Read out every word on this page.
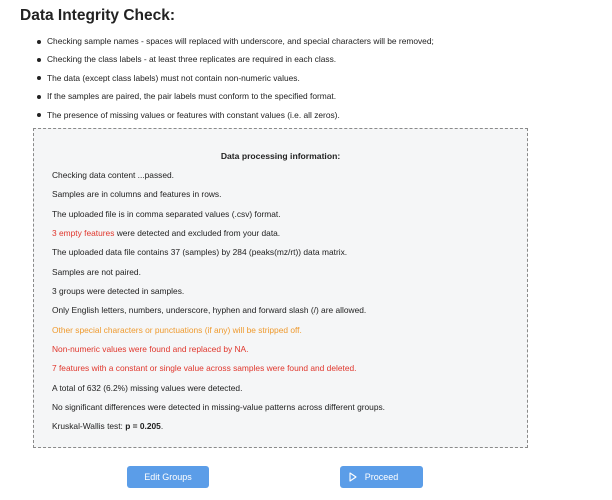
Data Integrity Check:
Checking sample names - spaces will replaced with underscore, and special characters will be removed;
Checking the class labels - at least three replicates are required in each class.
The data (except class labels) must not contain non-numeric values.
If the samples are paired, the pair labels must conform to the specified format.
The presence of missing values or features with constant values (i.e. all zeros).
Data processing information:
Checking data content ...passed.
Samples are in columns and features in rows.
The uploaded file is in comma separated values (.csv) format.
3 empty features were detected and excluded from your data.
The uploaded data file contains 37 (samples) by 284 (peaks(mz/rt)) data matrix.
Samples are not paired.
3 groups were detected in samples.
Only English letters, numbers, underscore, hyphen and forward slash (/) are allowed.
Other special characters or punctuations (if any) will be stripped off.
Non-numeric values were found and replaced by NA.
7 features with a constant or single value across samples were found and deleted.
A total of 632 (6.2%) missing values were detected.
No significant differences were detected in missing-value patterns across different groups.
Kruskal-Wallis test: p = 0.205.
Edit Groups	Proceed
